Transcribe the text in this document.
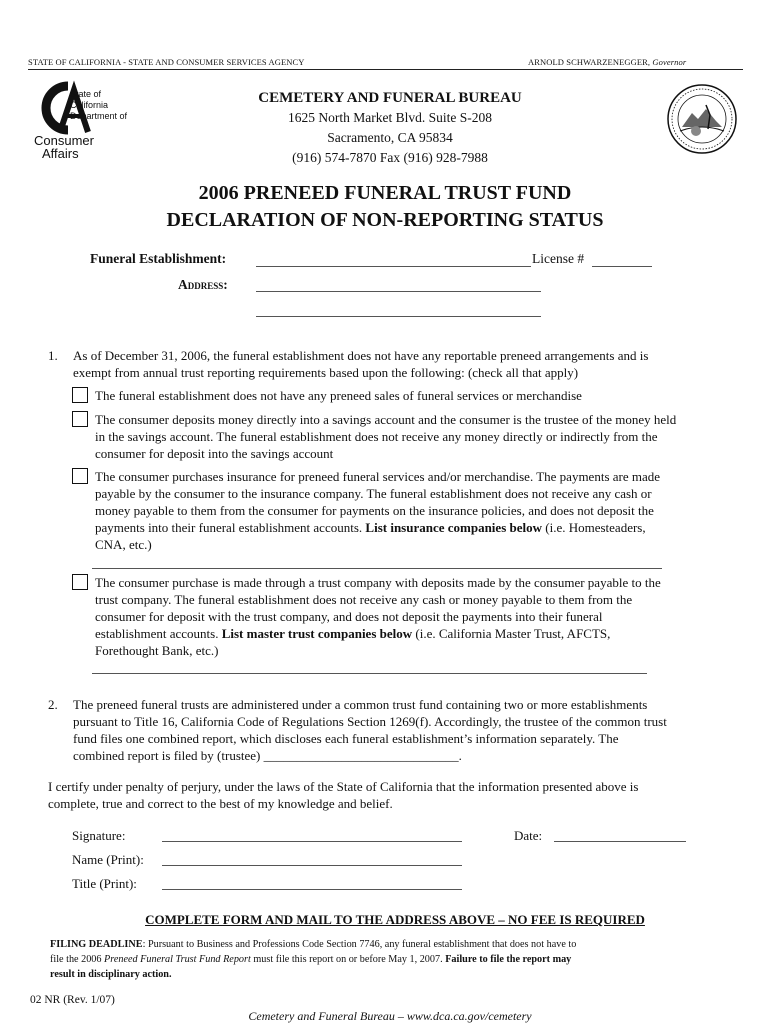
STATE OF CALIFORNIA - STATE AND CONSUMER SERVICES AGENCY	ARNOLD SCHWARZENEGGER, Governor
State of
California
Department of
Consumer
Affairs
CEMETERY AND FUNERAL BUREAU
1625 North Market Blvd. Suite S-208
Sacramento, CA 95834
(916) 574-7870 Fax (916) 928-7988
2006 PRENEED FUNERAL TRUST FUND
DECLARATION OF NON-REPORTING STATUS
Funeral Establishment:	License #
Address:
1. As of December 31, 2006, the funeral establishment does not have any reportable preneed arrangements and is
exempt from annual trust reporting requirements based upon the following: (check all that apply)
The funeral establishment does not have any preneed sales of funeral services or merchandise
The consumer deposits money directly into a savings account and the consumer is the trustee of the money held
in the savings account. The funeral establishment does not receive any money directly or indirectly from the
consumer for deposit into the savings account
The consumer purchases insurance for preneed funeral services and/or merchandise. The payments are made
payable by the consumer to the insurance company. The funeral establishment does not receive any cash or
money payable to them from the consumer for payments on the insurance policies, and does not deposit the
payments into their funeral establishment accounts. List insurance companies below (i.e. Homesteaders,
CNA, etc.)
The consumer purchase is made through a trust company with deposits made by the consumer payable to the
trust company. The funeral establishment does not receive any cash or money payable to them from the
consumer for deposit with the trust company, and does not deposit the payments into their funeral
establishment accounts. List master trust companies below (i.e. California Master Trust, AFCTS,
Forethought Bank, etc.)
2. The preneed funeral trusts are administered under a common trust fund containing two or more establishments
pursuant to Title 16, California Code of Regulations Section 1269(f). Accordingly, the trustee of the common trust
fund files one combined report, which discloses each funeral establishment’s information separately. The
combined report is filed by (trustee) ______________________________.
I certify under penalty of perjury, under the laws of the State of California that the information presented above is
complete, true and correct to the best of my knowledge and belief.
Signature:	Date:
Name (Print):
Title (Print):
COMPLETE FORM AND MAIL TO THE ADDRESS ABOVE – NO FEE IS REQUIRED
FILING DEADLINE: Pursuant to Business and Professions Code Section 7746, any funeral establishment that does not have to
file the 2006 Preneed Funeral Trust Fund Report must file this report on or before May 1, 2007. Failure to file the report may
result in disciplinary action.
02 NR (Rev. 1/07)
Cemetery and Funeral Bureau – www.dca.ca.gov/cemetery
